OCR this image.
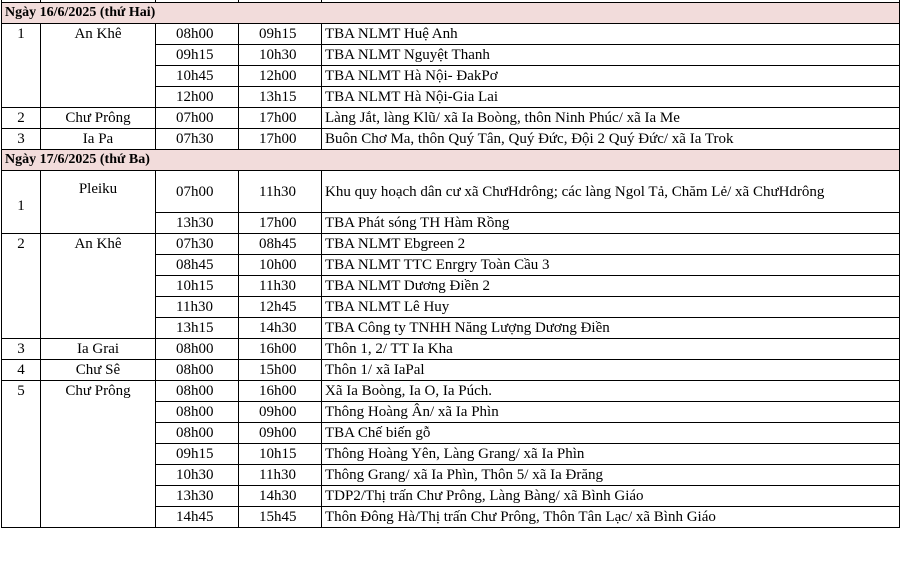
Ngày 16/6/2025 (thứ Hai)				
1	An Khê	08h00	09h15	TBA NLMT Huệ Anh
		09h15	10h30	TBA NLMT Nguyệt Thanh
		10h45	12h00	TBA NLMT Hà Nội- ĐakPơ
		12h00	13h15	TBA NLMT Hà Nội-Gia Lai
2	Chư Prông	07h00	17h00	Làng Jắt, làng Klũ/ xã Ia Boòng, thôn Ninh Phúc/ xã Ia Me
3	Ia Pa	07h30	17h00	Buôn Chơ Ma, thôn Quý Tân, Quý Đức, Đội 2 Quý Đức/ xã Ia Trok
Ngày 17/6/2025 (thứ Ba)				
1	Pleiku	07h00	11h30	Khu quy hoạch dân cư xã ChưHdrông; các làng Ngol Tả, Chăm Lẻ/ xã ChưHdrông
		13h30	17h00	TBA Phát sóng TH Hàm Rồng
2	An Khê	07h30	08h45	TBA NLMT Ebgreen 2
		08h45	10h00	TBA NLMT TTC Enrgry Toàn Cầu 3
		10h15	11h30	TBA NLMT Dương Điền 2
		11h30	12h45	TBA NLMT Lê Huy
		13h15	14h30	TBA Công ty TNHH Năng Lượng Dương Điền
3	Ia Grai	08h00	16h00	Thôn 1, 2/ TT Ia Kha
4	Chư Sê	08h00	15h00	Thôn 1/ xã IaPal
5	Chư Prông	08h00	16h00	Xã Ia Boòng, Ia O, Ia Púch.
		08h00	09h00	Thông Hoàng Ân/ xã Ia Phìn
		08h00	09h00	TBA Chế biến gỗ
		09h15	10h15	Thông Hoàng Yên, Làng Grang/ xã Ia Phìn
		10h30	11h30	Thông Grang/ xã Ia Phìn, Thôn 5/ xã Ia Đrăng
		13h30	14h30	TDP2/Thị trấn Chư Prông, Làng Bàng/ xã Bình Giáo
		14h45	15h45	Thôn Đông Hà/Thị trấn Chư Prông, Thôn Tân Lạc/ xã Bình Giáo
